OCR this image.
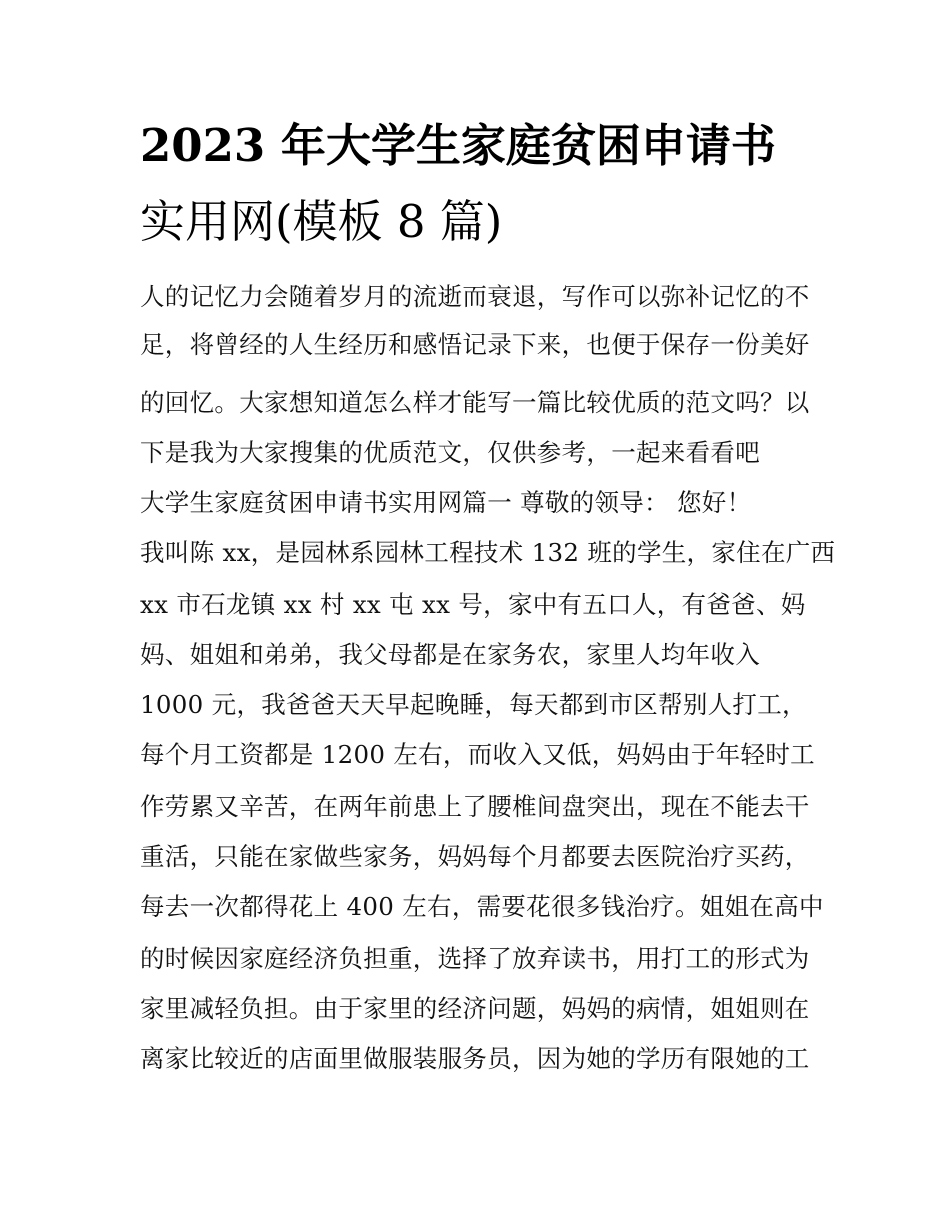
2023 年大学生家庭贫困申请书
实用网(模板 8 篇)

人的记忆力会随着岁月的流逝而衰退，写作可以弥补记忆的不

足，将曾经的人生经历和感悟记录下来，也便于保存一份美好

的回忆。大家想知道怎么样才能写一篇比较优质的范文吗？以

下是我为大家搜集的优质范文，仅供参考，一起来看看吧

大学生家庭贫困申请书实用网篇一 尊敬的领导： 您好！

我叫陈 xx，是园林系园林工程技术 132 班的学生，家住在广西

xx 市石龙镇 xx 村 xx 屯 xx 号，家中有五口人，有爸爸、妈

妈、姐姐和弟弟，我父母都是在家务农，家里人均年收入

1000 元，我爸爸天天早起晚睡，每天都到市区帮别人打工，

每个月工资都是 1200 左右，而收入又低，妈妈由于年轻时工

作劳累又辛苦，在两年前患上了腰椎间盘突出，现在不能去干

重活，只能在家做些家务，妈妈每个月都要去医院治疗买药，

每去一次都得花上 400 左右，需要花很多钱治疗。姐姐在高中

的时候因家庭经济负担重，选择了放弃读书，用打工的形式为

家里减轻负担。由于家里的经济问题，妈妈的病情，姐姐则在

离家比较近的店面里做服装服务员，因为她的学历有限她的工
